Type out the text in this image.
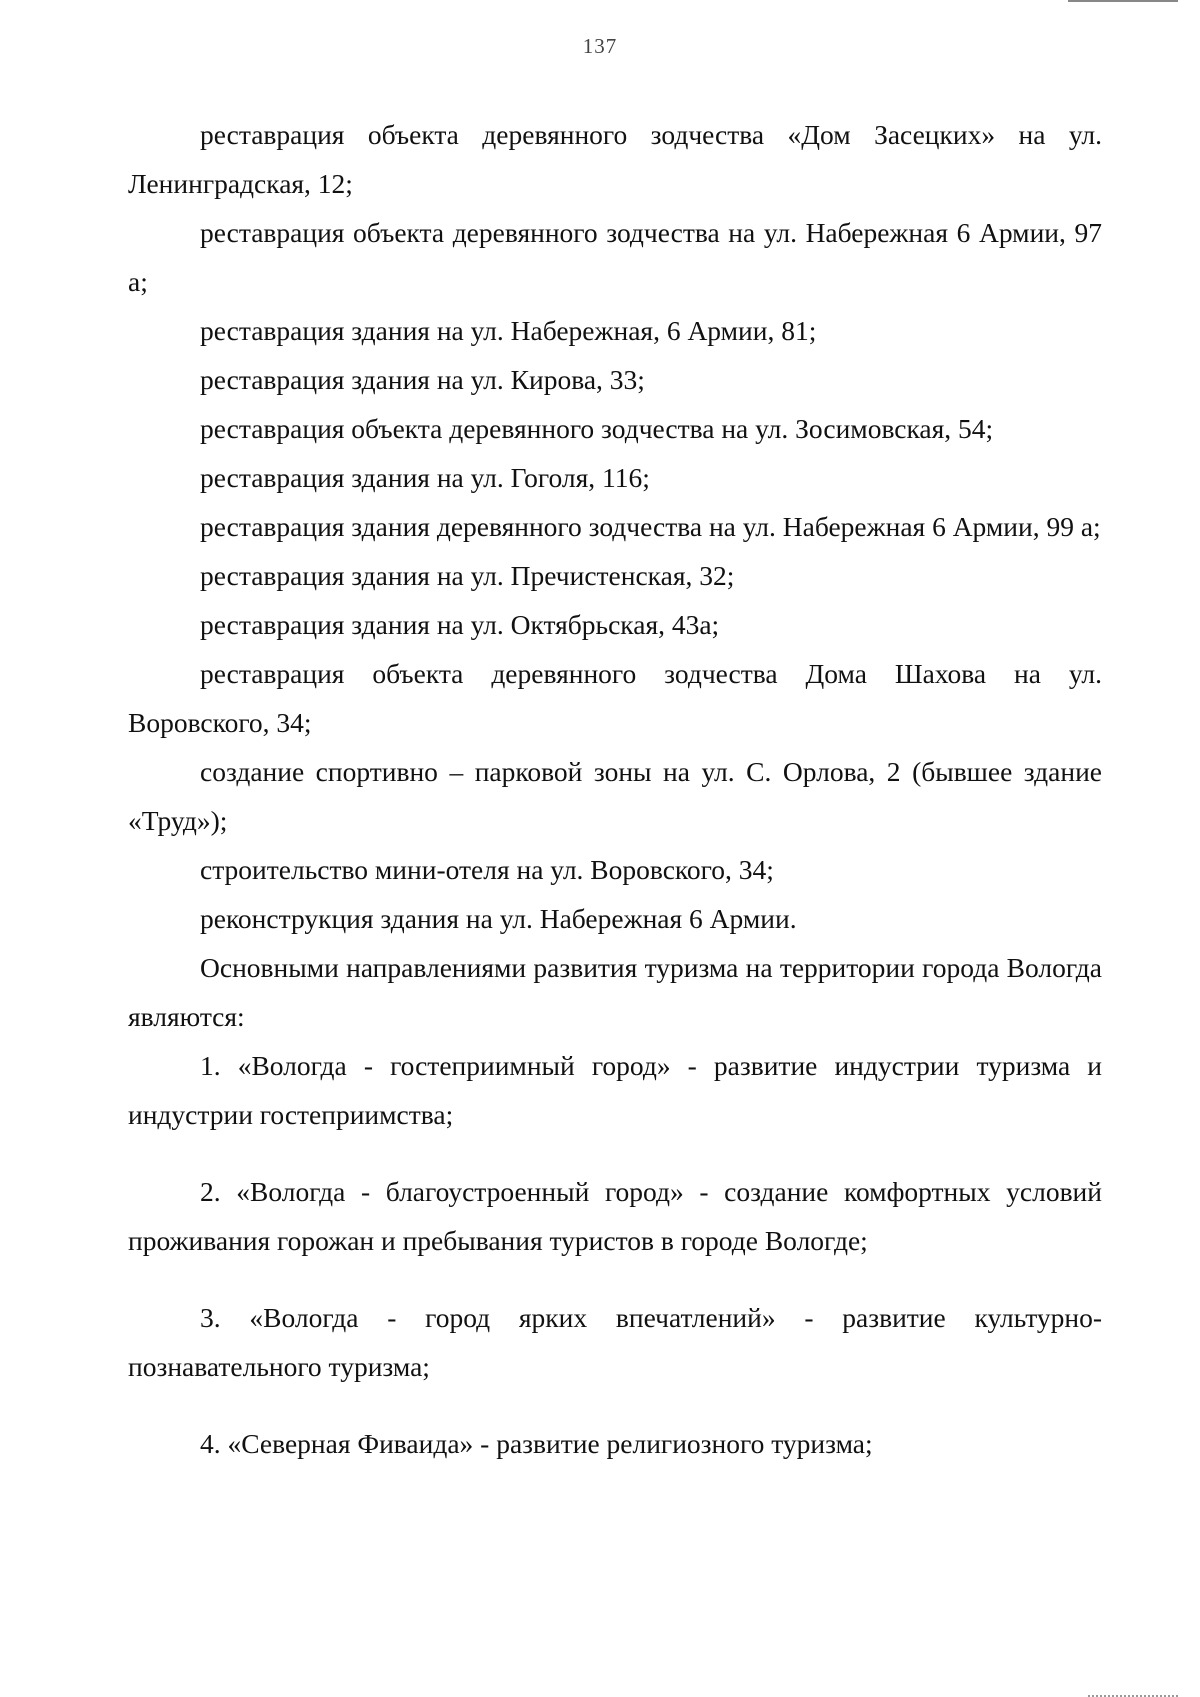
137

реставрация объекта деревянного зодчества «Дом Засецких» на ул. Ленинградская, 12;

реставрация объекта деревянного зодчества на ул. Набережная 6 Армии, 97 а;

реставрация здания на ул. Набережная, 6 Армии, 81;

реставрация здания на ул. Кирова, 33;

реставрация объекта деревянного зодчества на ул. Зосимовская, 54;

реставрация здания на ул. Гоголя, 116;

реставрация здания деревянного зодчества на ул. Набережная 6 Армии, 99 а;

реставрация здания на ул. Пречистенская, 32;

реставрация здания на ул. Октябрьская, 43а;

реставрация объекта деревянного зодчества Дома Шахова на ул. Воровского, 34;

создание спортивно – парковой зоны на ул. С. Орлова, 2 (бывшее здание «Труд»);

строительство мини-отеля на ул. Воровского, 34;

реконструкция здания на ул. Набережная 6 Армии.

Основными направлениями развития туризма на территории города Вологда являются:

1. «Вологда - гостеприимный город» - развитие индустрии туризма и индустрии гостеприимства;

2. «Вологда - благоустроенный город» - создание комфортных условий проживания горожан и пребывания туристов в городе Вологде;

3. «Вологда - город ярких впечатлений» - развитие культурно-познавательного туризма;

4. «Северная Фиваида» - развитие религиозного туризма;
